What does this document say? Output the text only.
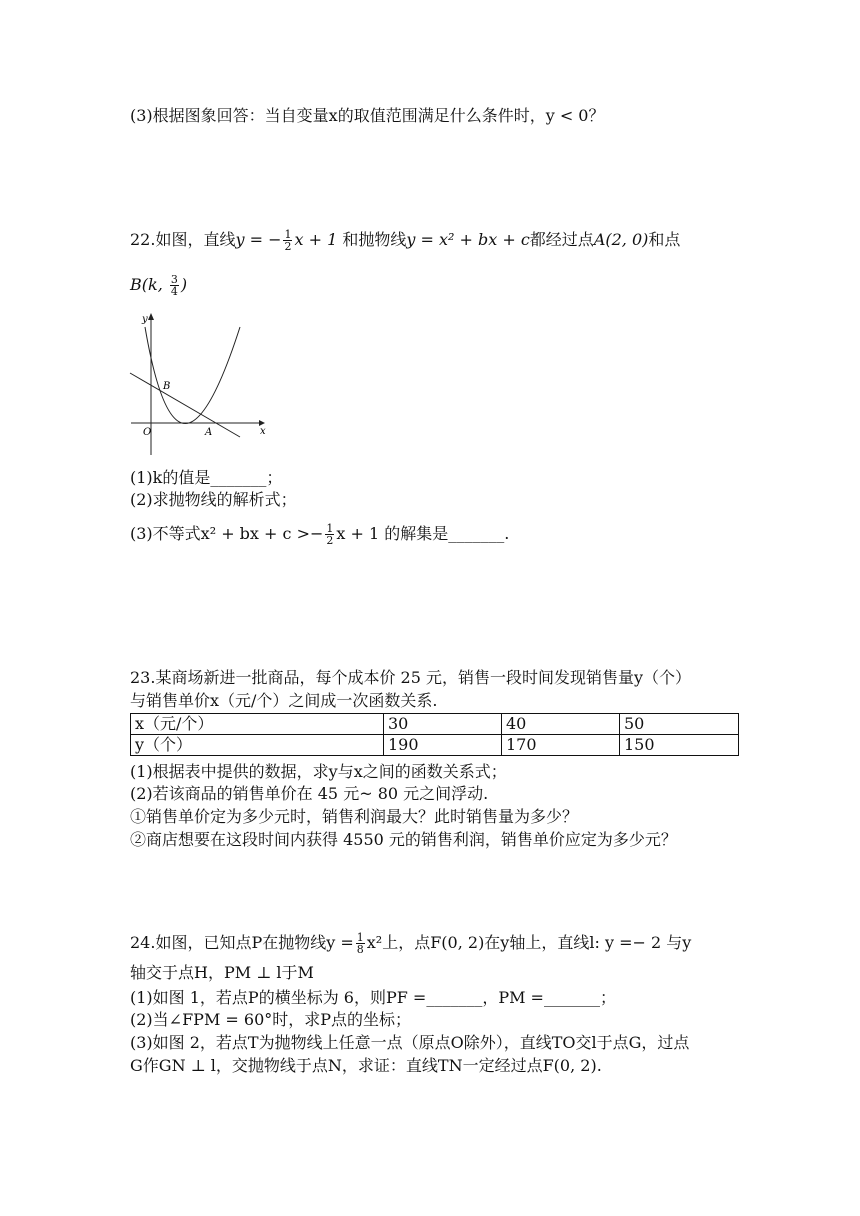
(3)根据图象回答：当自变量x的取值范围满足什么条件时，y < 0？
22.如图，直线y = − $\frac{1}{2}$ x + 1 和抛物线y = x² + bx + c都经过点A(2, 0)和点
B(k, $\frac{3}{4}$ )
x
y
O	A
B
(1)k的值是_______；
(2)求抛物线的解析式；
(3)不等式x² + bx + $c >- \frac{1}{2}$ x + 1 的解集是_______.
23.某商场新进一批商品，每个成本价 25 元，销售一段时间发现销售量y（个）
与销售单价x（元/个）之间成一次函数关系.
x（元/个）	30	40	50
y（个）	190	170	150
(1)根据表中提供的数据，求y与x之间的函数关系式；
(2)若该商品的销售单价在 45 元~ 80 元之间浮动.
①销售单价定为多少元时，销售利润最大？此时销售量为多少？
②商店想要在这段时间内获得 4550 元的销售利润，销售单价应定为多少元？
24.如图，已知点P在抛物线$y = \frac{1}{8} x^2$上，点F(0, 2)在y轴上，直线l: y =− 2 与y
轴交于点H，PM ⊥ l于M
(1)如图 1，若点P的横坐标为 6，则PF =_______，PM =_______；
(2)当∠FPM = 60°时，求P点的坐标；
(3)如图 2，若点T为抛物线上任意一点（原点O除外），直线TO交l于点G，过点
G作GN ⊥ l，交抛物线于点N，求证：直线TN一定经过点F(0, 2).
